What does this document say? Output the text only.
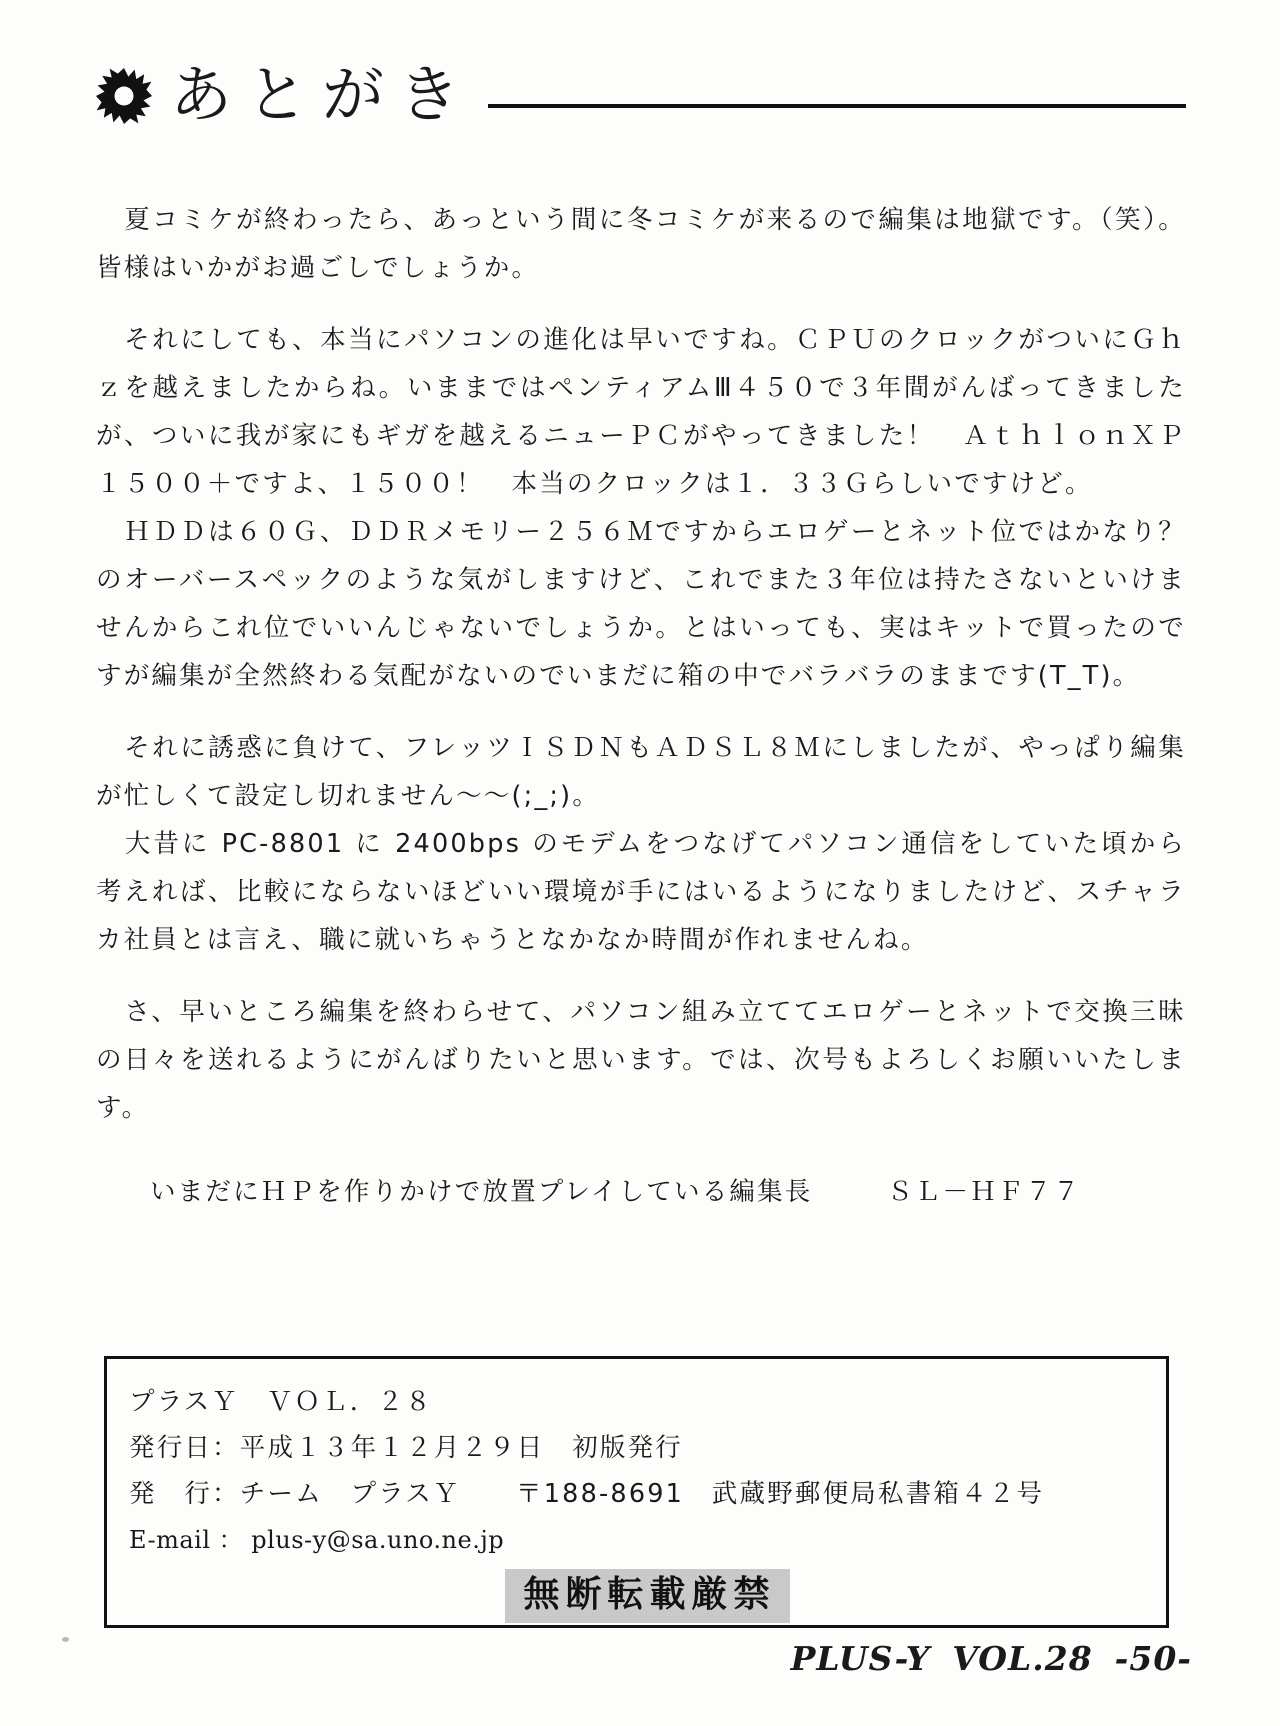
あとがき

夏コミケが終わったら、あっという間に冬コミケが来るので編集は地獄です。（笑）。皆様はいかがお過ごしでしょうか。

それにしても、本当にパソコンの進化は早いですね。ＣＰＵのクロックがついにＧｈｚを越えましたからね。いままではペンティアムⅢ４５０で３年間がんばってきましたが、ついに我が家にもギガを越えるニューＰＣがやってきました！　ＡｔｈｌｏｎＸＰ１５００＋ですよ、１５００！　本当のクロックは１．３３Ｇらしいですけど。

ＨＤＤは６０Ｇ、ＤＤＲメモリー２５６Ｍですからエロゲーとネット位ではかなり？のオーバースペックのような気がしますけど、これでまた３年位は持たさないといけませんからこれ位でいいんじゃないでしょうか。とはいっても、実はキットで買ったのですが編集が全然終わる気配がないのでいまだに箱の中でバラバラのままです(T_T)。

それに誘惑に負けて、フレッツＩＳＤＮもＡＤＳＬ８Ｍにしましたが、やっぱり編集が忙しくて設定し切れません〜〜(;_;)。

大昔に PC-8801 に 2400bps のモデムをつなげてパソコン通信をしていた頃から考えれば、比較にならないほどいい環境が手にはいるようになりましたけど、スチャラカ社員とは言え、職に就いちゃうとなかなか時間が作れませんね。

さ、早いところ編集を終わらせて、パソコン組み立ててエロゲーとネットで交換三昧の日々を送れるようにがんばりたいと思います。では、次号もよろしくお願いいたします。

いまだにＨＰを作りかけで放置プレイしている編集長	ＳＬ－ＨＦ７７

プラスＹ　ＶＯＬ．２８
発行日：平成１３年１２月２９日　初版発行
発　行：チーム　プラスＹ　　〒188-8691　武蔵野郵便局私書箱４２号
E-mail ： plus-y@sa.uno.ne.jp
無断転載厳禁
PLUS-Y VOL.28 -50-
